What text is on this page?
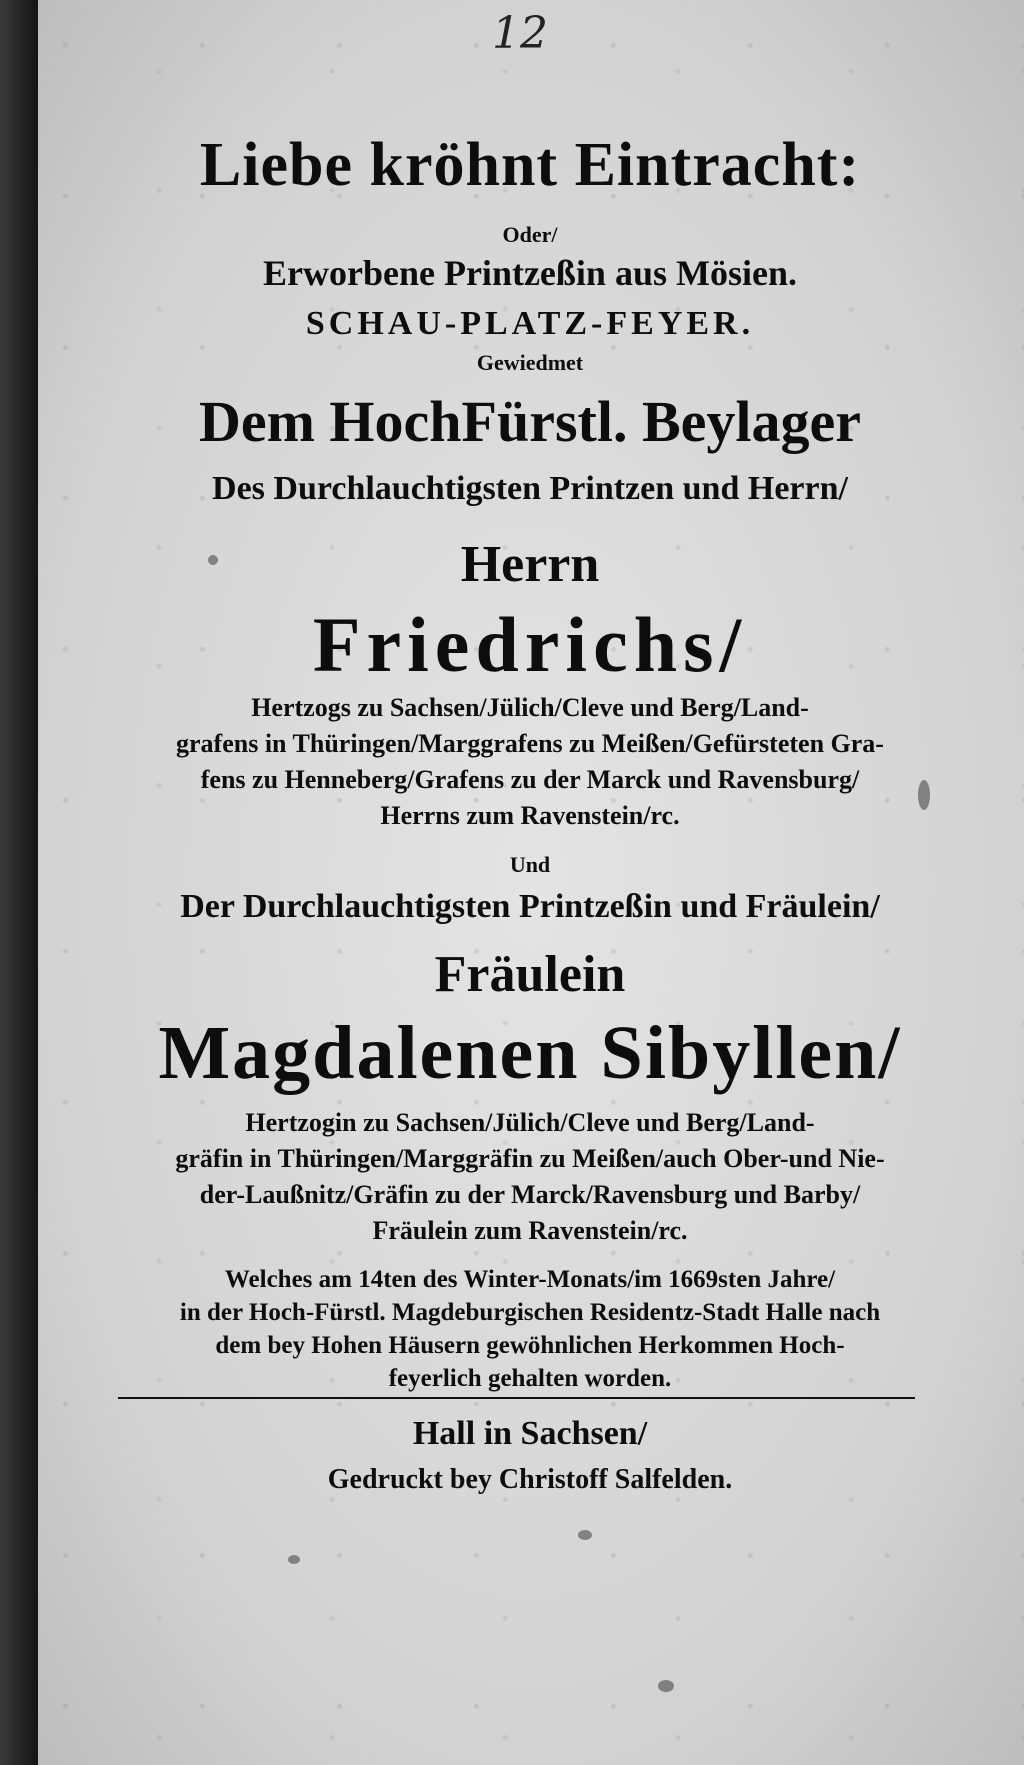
12
Liebe kröhnt Eintracht:
Oder/
Erworbene Printzeßin aus Mösien.
SCHAU-PLATZ-FEYER.
Gewiedmet
Dem HochFürstl. Beylager
Des Durchlauchtigsten Printzen und Herrn/
Herrn
Friedrichs/
Hertzogs zu Sachsen/Jülich/Cleve und Berg/Land-
grafens in Thüringen/Marggrafens zu Meißen/Gefürsteten Gra-
fens zu Henneberg/Grafens zu der Marck und Ravensburg/
Herrns zum Ravenstein/rc.
Und
Der Durchlauchtigsten Printzeßin und Fräulein/
Fräulein
Magdalenen Sibyllen/
Hertzogin zu Sachsen/Jülich/Cleve und Berg/Land-
gräfin in Thüringen/Marggräfin zu Meißen/auch Ober-und Nie-
der-Laußnitz/Gräfin zu der Marck/Ravensburg und Barby/
Fräulein zum Ravenstein/rc.
Welches am 14ten des Winter-Monats/im 1669sten Jahre/
in der Hoch-Fürstl. Magdeburgischen Residentz-Stadt Halle nach
dem bey Hohen Häusern gewöhnlichen Herkommen Hoch-
feyerlich gehalten worden.
Hall in Sachsen/
Gedruckt bey Christoff Salfelden.
